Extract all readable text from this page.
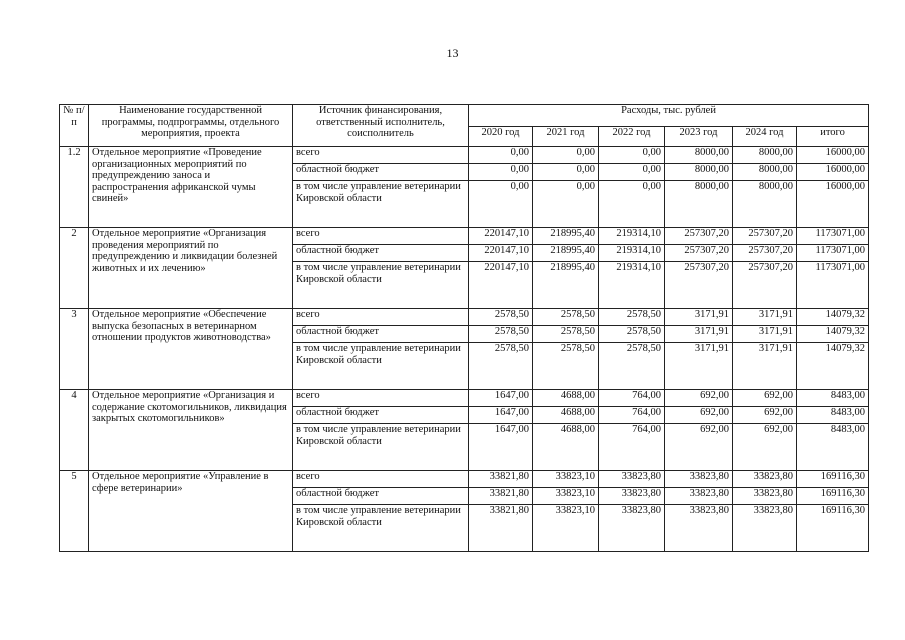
13
№ п/п	Наименование государственной программы, подпрограммы, отдельного мероприятия, проекта	Источник финансирования, ответственный исполнитель, соисполнитель	Расходы, тыс. рублей					
			2020 год	2021 год	2022 год	2023 год	2024 год	итого
1.2	Отдельное мероприятие «Проведение организационных мероприятий по предупреждению заноса и распространения африканской чумы свиней»	всего	0,00	0,00	0,00	8000,00	8000,00	16000,00
		областной бюджет	0,00	0,00	0,00	8000,00	8000,00	16000,00
		в том числе управление ветеринарии Кировской области	0,00	0,00	0,00	8000,00	8000,00	16000,00
2	Отдельное мероприятие «Организация проведения мероприятий по предупреждению и ликвидации болезней животных и их лечению»	всего	220147,10	218995,40	219314,10	257307,20	257307,20	1173071,00
		областной бюджет	220147,10	218995,40	219314,10	257307,20	257307,20	1173071,00
		в том числе управление ветеринарии Кировской области	220147,10	218995,40	219314,10	257307,20	257307,20	1173071,00
3	Отдельное мероприятие «Обеспечение выпуска безопасных в ветеринарном отношении продуктов животноводства»	всего	2578,50	2578,50	2578,50	3171,91	3171,91	14079,32
		областной бюджет	2578,50	2578,50	2578,50	3171,91	3171,91	14079,32
		в том числе управление ветеринарии Кировской области	2578,50	2578,50	2578,50	3171,91	3171,91	14079,32
4	Отдельное мероприятие «Организация и содержание скотомогильников, ликвидация закрытых скотомогильников»	всего	1647,00	4688,00	764,00	692,00	692,00	8483,00
		областной бюджет	1647,00	4688,00	764,00	692,00	692,00	8483,00
		в том числе управление ветеринарии Кировской области	1647,00	4688,00	764,00	692,00	692,00	8483,00
5	Отдельное мероприятие «Управление в сфере ветеринарии»	всего	33821,80	33823,10	33823,80	33823,80	33823,80	169116,30
		областной бюджет	33821,80	33823,10	33823,80	33823,80	33823,80	169116,30
		в том числе управление ветеринарии Кировской области	33821,80	33823,10	33823,80	33823,80	33823,80	169116,30
